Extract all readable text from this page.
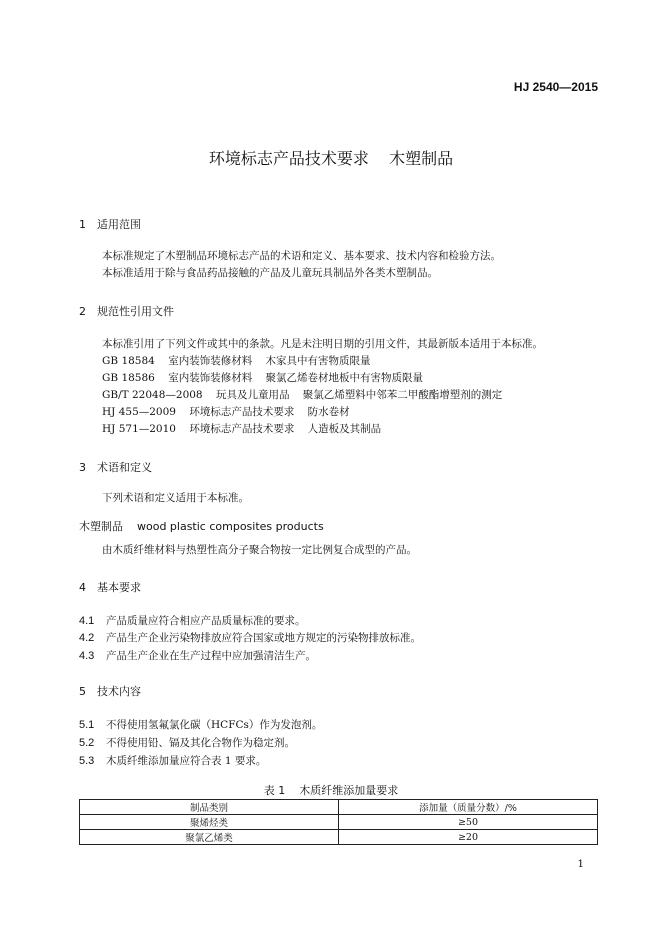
HJ 2540—2015
环境标志产品技术要求    木塑制品
1 适用范围
本标准规定了木塑制品环境标志产品的术语和定义、基本要求、技术内容和检验方法。
本标准适用于除与食品药品接触的产品及儿童玩具制品外各类木塑制品。
2 规范性引用文件
本标准引用了下列文件或其中的条款。凡是未注明日期的引用文件，其最新版本适用于本标准。
GB 18584    室内装饰装修材料    木家具中有害物质限量
GB 18586    室内装饰装修材料    聚氯乙烯卷材地板中有害物质限量
GB/T 22048—2008    玩具及儿童用品    聚氯乙烯塑料中邻苯二甲酸酯增塑剂的测定
HJ 455—2009    环境标志产品技术要求    防水卷材
HJ 571—2010    环境标志产品技术要求    人造板及其制品
3 术语和定义
下列术语和定义适用于本标准。
木塑制品    wood plastic composites products
由木质纤维材料与热塑性高分子聚合物按一定比例复合成型的产品。
4 基本要求
4.1 产品质量应符合相应产品质量标准的要求。
4.2 产品生产企业污染物排放应符合国家或地方规定的污染物排放标准。
4.3 产品生产企业在生产过程中应加强清洁生产。
5 技术内容
5.1 不得使用氢氟氯化碳（HCFCs）作为发泡剂。
5.2 不得使用铅、镉及其化合物作为稳定剂。
5.3 木质纤维添加量应符合表 1 要求。
表 1    木质纤维添加量要求
制品类别	添加量（质量分数）/%
聚烯烃类	≥50
聚氯乙烯类	≥20
1
